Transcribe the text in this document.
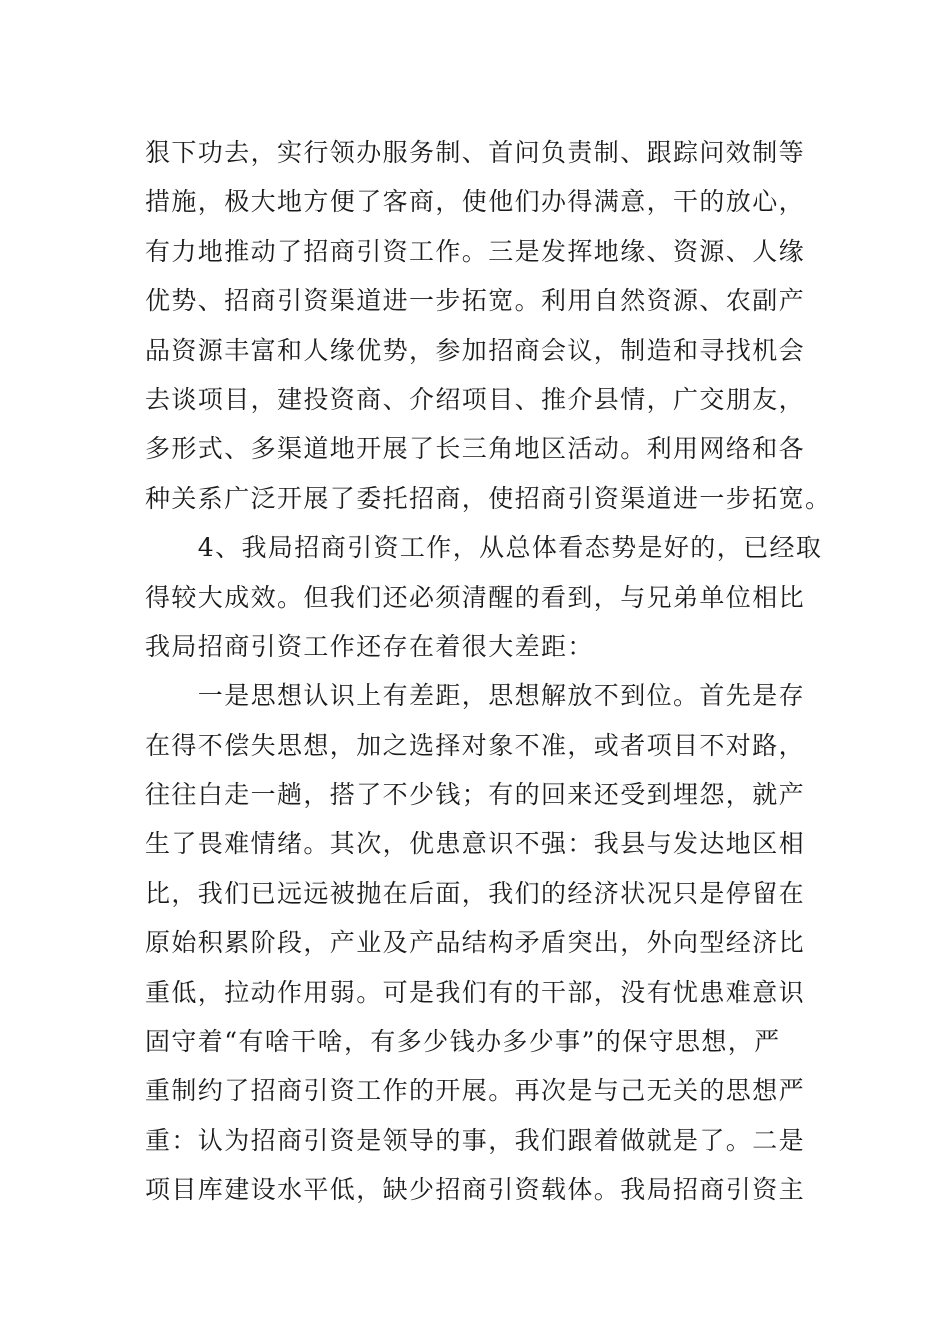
狠下功去，实行领办服务制、首问负责制、跟踪问效制等
措施，极大地方便了客商，使他们办得满意，干的放心，
有力地推动了招商引资工作。三是发挥地缘、资源、人缘
优势、招商引资渠道进一步拓宽。利用自然资源、农副产
品资源丰富和人缘优势，参加招商会议，制造和寻找机会
去谈项目，建投资商、介绍项目、推介县情，广交朋友，
多形式、多渠道地开展了长三角地区活动。利用网络和各
种关系广泛开展了委托招商，使招商引资渠道进一步拓宽。
　　4、我局招商引资工作，从总体看态势是好的，已经取
得较大成效。但我们还必须清醒的看到，与兄弟单位相比
我局招商引资工作还存在着很大差距：
　　一是思想认识上有差距，思想解放不到位。首先是存
在得不偿失思想，加之选择对象不准，或者项目不对路，
往往白走一趟，搭了不少钱；有的回来还受到埋怨，就产
生了畏难情绪。其次，优患意识不强：我县与发达地区相
比，我们已远远被抛在后面，我们的经济状况只是停留在
原始积累阶段，产业及产品结构矛盾突出，外向型经济比
重低，拉动作用弱。可是我们有的干部，没有忧患难意识
固守着“有啥干啥，有多少钱办多少事”的保守思想，严
重制约了招商引资工作的开展。再次是与己无关的思想严
重：认为招商引资是领导的事，我们跟着做就是了。二是
项目库建设水平低，缺少招商引资载体。我局招商引资主
